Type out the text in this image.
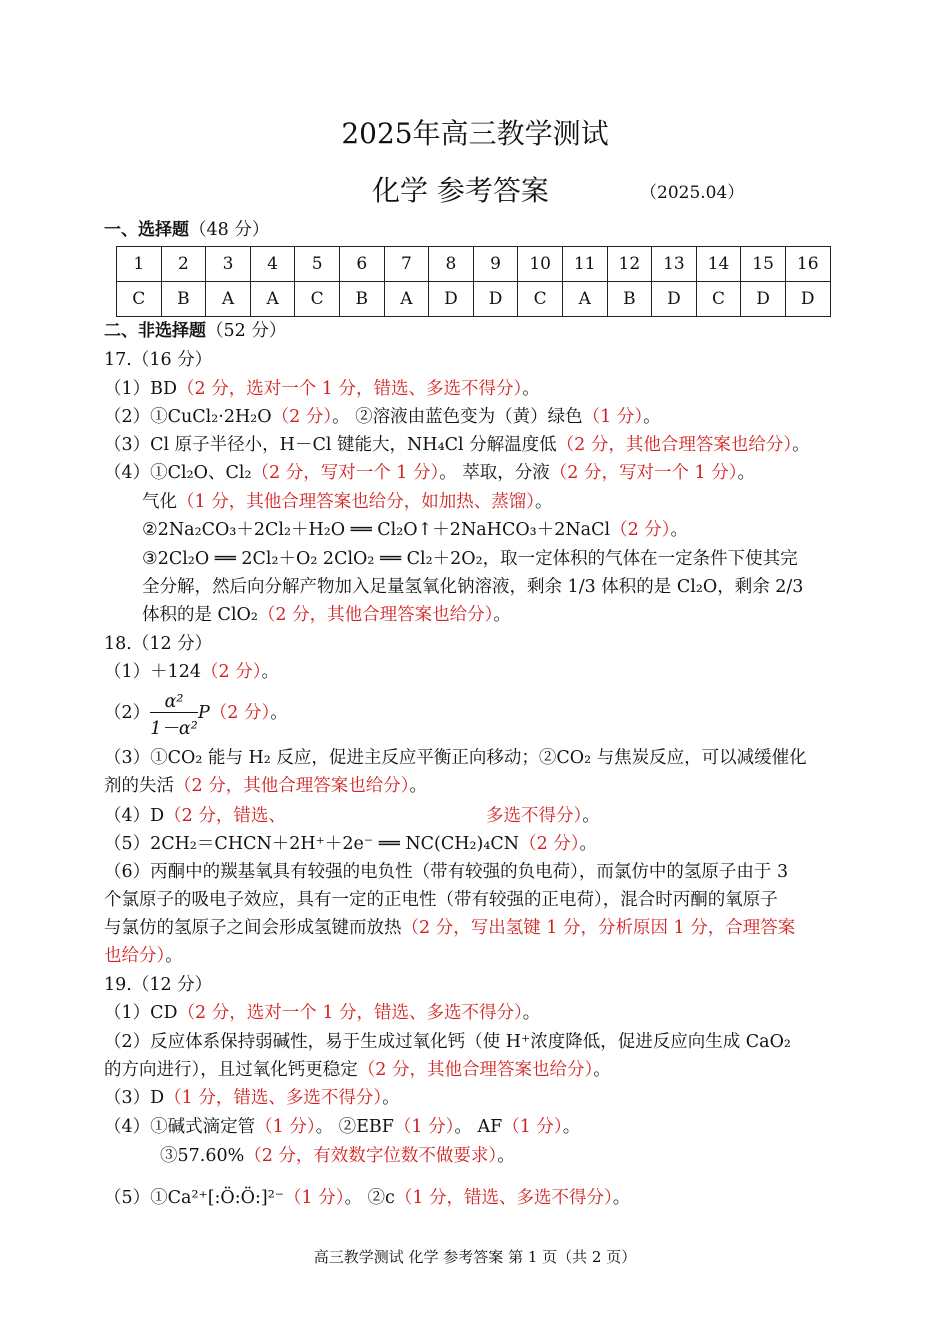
2025年高三教学测试
化学 参考答案	（2025.04）
一、选择题（48 分）
1	2	3	4	5	6	7	8	9	10	11	12	13	14	15	16
C	B	A	A	C	B	A	D	D	C	A	B	D	C	D	D
二、非选择题（52 分）
17.（16 分）
（1）BD（2 分，选对一个 1 分，错选、多选不得分）。
（2）①CuCl₂·2H₂O（2 分）。 ②溶液由蓝色变为（黄）绿色（1 分）。
（3）Cl 原子半径小，H－Cl 键能大，NH₄Cl 分解温度低（2 分，其他合理答案也给分）。
（4）①Cl₂O、Cl₂（2 分，写对一个 1 分）。 萃取，分液（2 分，写对一个 1 分）。
气化（1 分，其他合理答案也给分，如加热、蒸馏）。
②2Na₂CO₃＋2Cl₂＋H₂O ══ Cl₂O↑＋2NaHCO₃＋2NaCl（2 分）。
③2Cl₂O ══ 2Cl₂＋O₂ 2ClO₂ ══ Cl₂＋2O₂，取一定体积的气体在一定条件下使其完
全分解，然后向分解产物加入足量氢氧化钠溶液，剩余 1/3 体积的是 Cl₂O，剩余 2/3
体积的是 ClO₂（2 分，其他合理答案也给分）。
18.（12 分）
（1）＋124（2 分）。
（2）
α²
1－α²
P（2 分）。
（3）①CO₂ 能与 H₂ 反应，促进主反应平衡正向移动；②CO₂ 与焦炭反应，可以减缓催化
剂的失活（2 分，其他合理答案也给分）。
（4）D（2 分，错选、	多选不得分）。
（5）2CH₂＝CHCN＋2H⁺＋2e⁻ ══ NC(CH₂)₄CN（2 分）。
（6）丙酮中的羰基氧具有较强的电负性（带有较强的负电荷），而氯仿中的氢原子由于 3
个氯原子的吸电子效应，具有一定的正电性（带有较强的正电荷），混合时丙酮的氧原子
与氯仿的氢原子之间会形成氢键而放热（2 分，写出氢键 1 分，分析原因 1 分，合理答案
也给分）。
19.（12 分）
（1）CD（2 分，选对一个 1 分，错选、多选不得分）。
（2）反应体系保持弱碱性，易于生成过氧化钙（使 H⁺浓度降低，促进反应向生成 CaO₂
的方向进行），且过氧化钙更稳定（2 分，其他合理答案也给分）。
（3）D（1 分，错选、多选不得分）。
（4）①碱式滴定管（1 分）。 ②EBF（1 分）。 AF（1 分）。
③57.60%（2 分，有效数字位数不做要求）。
（5）①Ca²⁺[:Ö:Ö:]²⁻（1 分）。 ②c（1 分，错选、多选不得分）。
高三教学测试 化学 参考答案 第 1 页（共 2 页）
